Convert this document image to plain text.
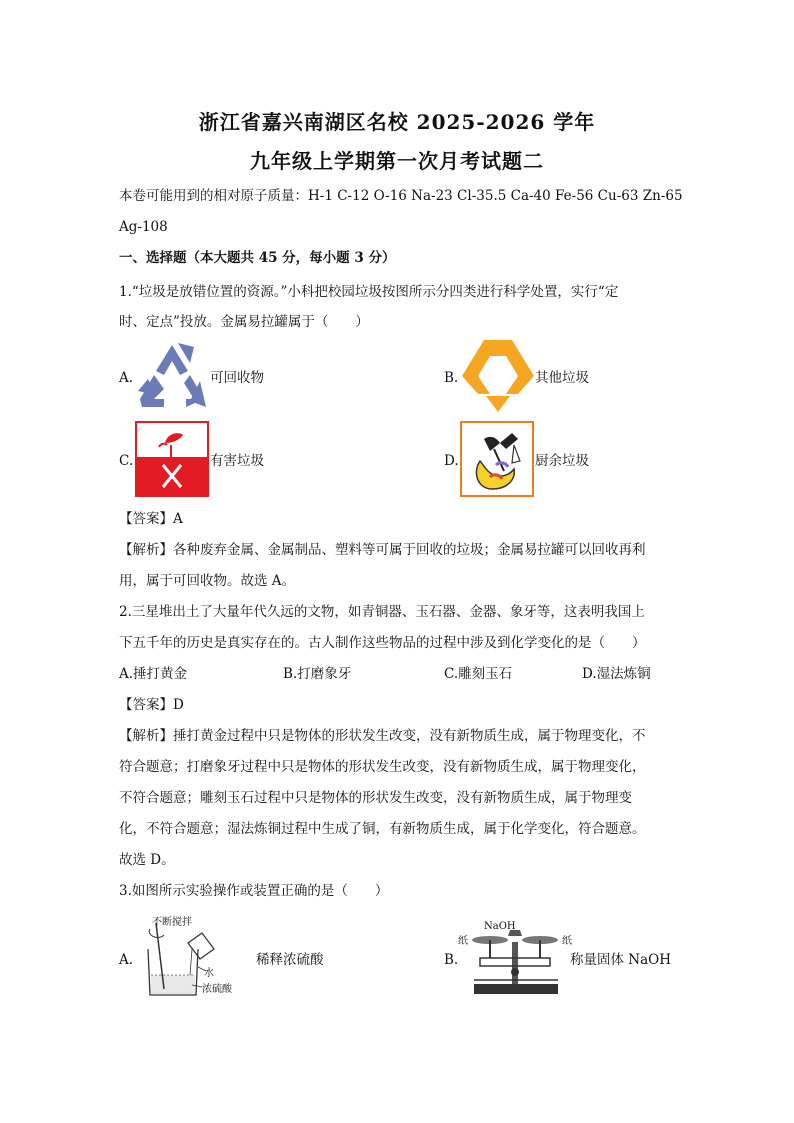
浙江省嘉兴南湖区名校 2025-2026 学年
九年级上学期第一次月考试题二
本卷可能用到的相对原子质量：H-1 C-12 O-16 Na-23 Cl-35.5 Ca-40 Fe-56 Cu-63 Zn-65
Ag-108
一、选择题（本大题共 45 分，每小题 3 分）
1.“垃圾是放错位置的资源。”小科把校园垃圾按图所示分四类进行科学处置，实行“定
时、定点”投放。金属易拉罐属于（　　）
A.	可回收物	B.	其他垃圾
C.	有害垃圾	D.	厨余垃圾
【答案】A
【解析】各种废弃金属、金属制品、塑料等可属于回收的垃圾；金属易拉罐可以回收再利
用，属于可回收物。故选 A。
2.三星堆出土了大量年代久远的文物，如青铜器、玉石器、金器、象牙等，这表明我国上
下五千年的历史是真实存在的。古人制作这些物品的过程中涉及到化学变化的是（　　）
A.捶打黄金	B.打磨象牙	C.雕刻玉石	D.湿法炼铜
【答案】D
【解析】捶打黄金过程中只是物体的形状发生改变，没有新物质生成，属于物理变化，不
符合题意；打磨象牙过程中只是物体的形状发生改变，没有新物质生成，属于物理变化，
不符合题意；雕刻玉石过程中只是物体的形状发生改变，没有新物质生成，属于物理变
化，不符合题意；湿法炼铜过程中生成了铜，有新物质生成，属于化学变化，符合题意。
故选 D。
3.如图所示实验操作或装置正确的是（　　）
A.
不断搅拌
水
浓硫酸
稀释浓硫酸	B.
NaOH
纸	纸
称量固体 NaOH
